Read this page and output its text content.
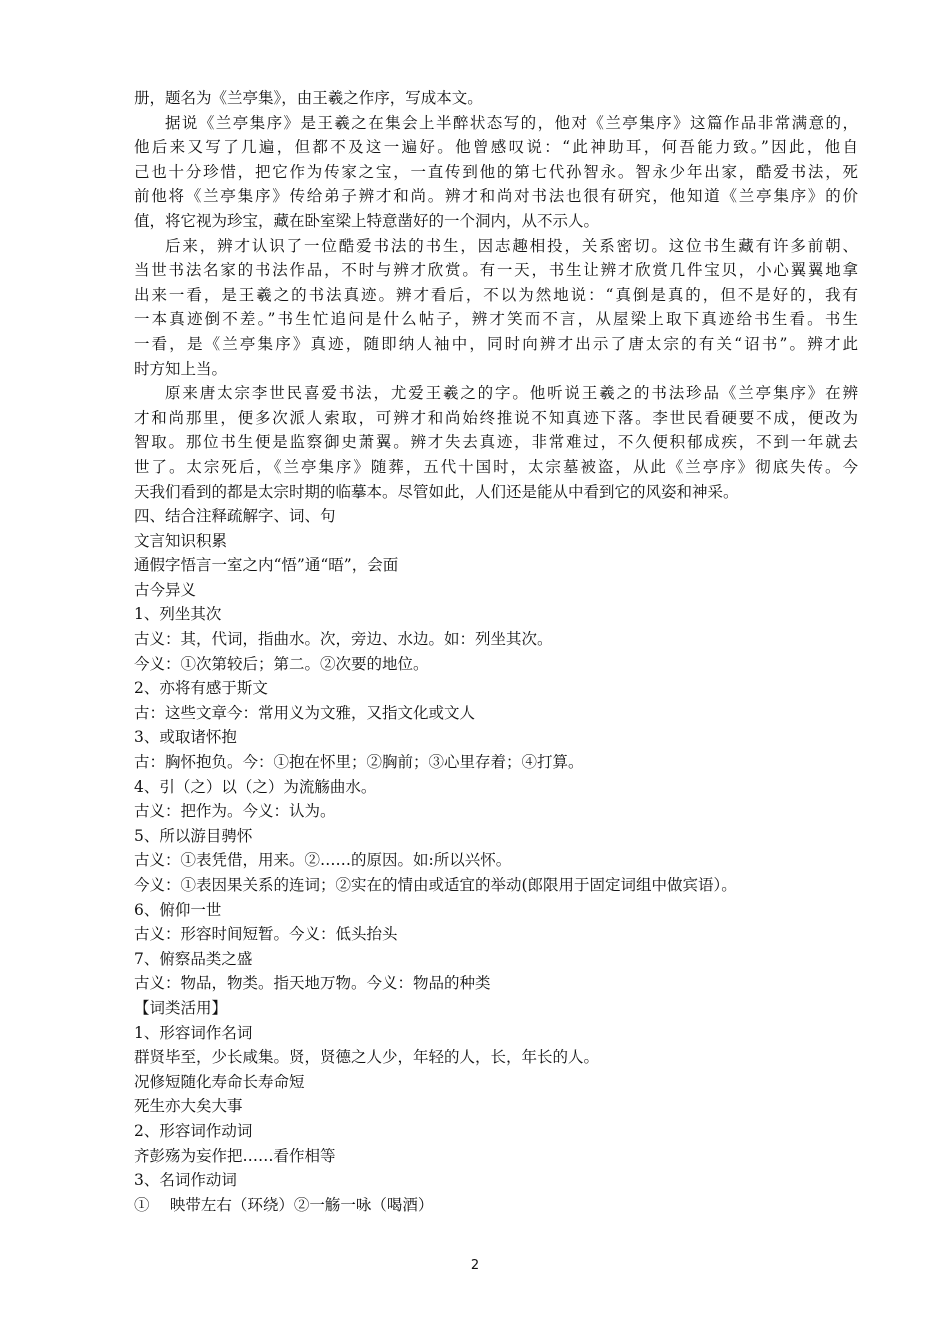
册，题名为《兰亭集》，由王羲之作序，写成本文。
据说《兰亭集序》是王羲之在集会上半醉状态写的，他对《兰亭集序》这篇作品非常满意的，
他后来又写了几遍，但都不及这一遍好。他曾感叹说：“此神助耳，何吾能力致。”因此，他自
己也十分珍惜，把它作为传家之宝，一直传到他的第七代孙智永。智永少年出家，酷爱书法，死
前他将《兰亭集序》传给弟子辨才和尚。辨才和尚对书法也很有研究，他知道《兰亭集序》的价
值，将它视为珍宝，藏在卧室梁上特意凿好的一个洞内，从不示人。
后来，辨才认识了一位酷爱书法的书生，因志趣相投，关系密切。这位书生藏有许多前朝、
当世书法名家的书法作品，不时与辨才欣赏。有一天，书生让辨才欣赏几件宝贝，小心翼翼地拿
出来一看，是王羲之的书法真迹。辨才看后，不以为然地说：“真倒是真的，但不是好的，我有
一本真迹倒不差。”书生忙追问是什么帖子，辨才笑而不言，从屋梁上取下真迹给书生看。书生
一看，是《兰亭集序》真迹，随即纳人袖中，同时向辨才出示了唐太宗的有关“诏书”。辨才此
时方知上当。
原来唐太宗李世民喜爱书法，尤爱王羲之的字。他听说王羲之的书法珍品《兰亭集序》在辨
才和尚那里，便多次派人索取，可辨才和尚始终推说不知真迹下落。李世民看硬要不成，便改为
智取。那位书生便是监察御史萧翼。辨才失去真迹，非常难过，不久便积郁成疾，不到一年就去
世了。太宗死后，《兰亭集序》随葬，五代十国时，太宗墓被盗，从此《兰亭序》彻底失传。今
天我们看到的都是太宗时期的临摹本。尽管如此，人们还是能从中看到它的风姿和神采。
四、结合注释疏解字、词、句
文言知识积累
通假字悟言一室之内“悟”通“晤”，会面
古今异义
1、列坐其次
古义：其，代词，指曲水。次，旁边、水边。如：列坐其次。
今义：①次第较后；第二。②次要的地位。
2、亦将有感于斯文
古：这些文章今：常用义为文雅，又指文化或文人
3、或取诸怀抱
古：胸怀抱负。今：①抱在怀里；②胸前；③心里存着；④打算。
4、引（之）以（之）为流觞曲水。
古义：把作为。今义：认为。
5、所以游目骋怀
古义：①表凭借，用来。②……的原因。如:所以兴怀。
今义：①表因果关系的连词；②实在的情由或适宜的举动(郎限用于固定词组中做宾语）。
6、俯仰一世
古义：形容时间短暂。今义：低头抬头
7、俯察品类之盛
古义：物品，物类。指天地万物。今义：物品的种类
【词类活用】
1、形容词作名词
群贤毕至，少长咸集。贤，贤德之人少，年轻的人，长，年长的人。
况修短随化寿命长寿命短
死生亦大矣大事
2、形容词作动词
齐彭殇为妄作把……看作相等
3、名词作动词
①　 映带左右（环绕）②一觞一咏（喝酒）
2
